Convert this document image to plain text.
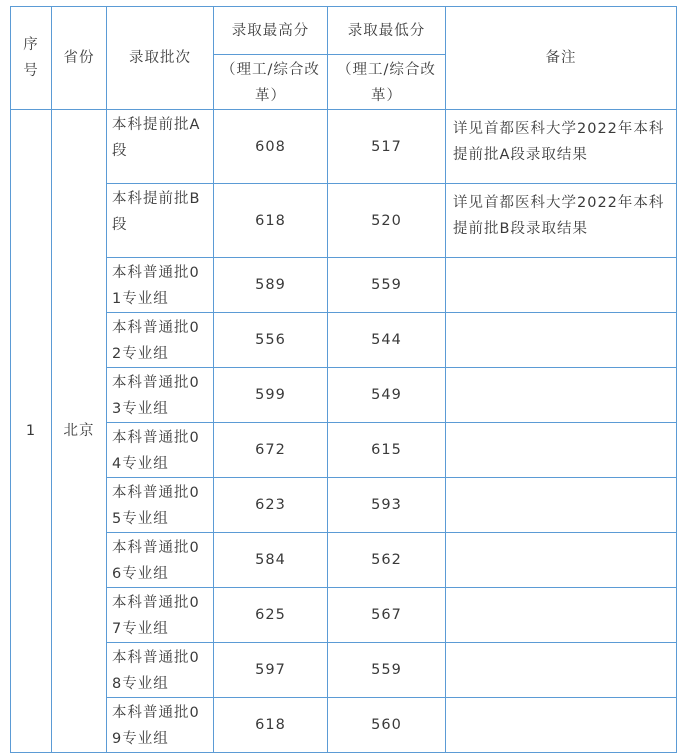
序号	省份	录取批次	录取最高分	录取最低分	备注
			（理工/综合改革）	（理工/综合改革）	
1	北京	本科提前批A段	608	517	详见首都医科大学2022年本科提前批A段录取结果
		本科提前批B段	618	520	详见首都医科大学2022年本科提前批B段录取结果
		本科普通批01专业组	589	559	
		本科普通批02专业组	556	544	
		本科普通批03专业组	599	549	
		本科普通批04专业组	672	615	
		本科普通批05专业组	623	593	
		本科普通批06专业组	584	562	
		本科普通批07专业组	625	567	
		本科普通批08专业组	597	559	
		本科普通批09专业组	618	560	
